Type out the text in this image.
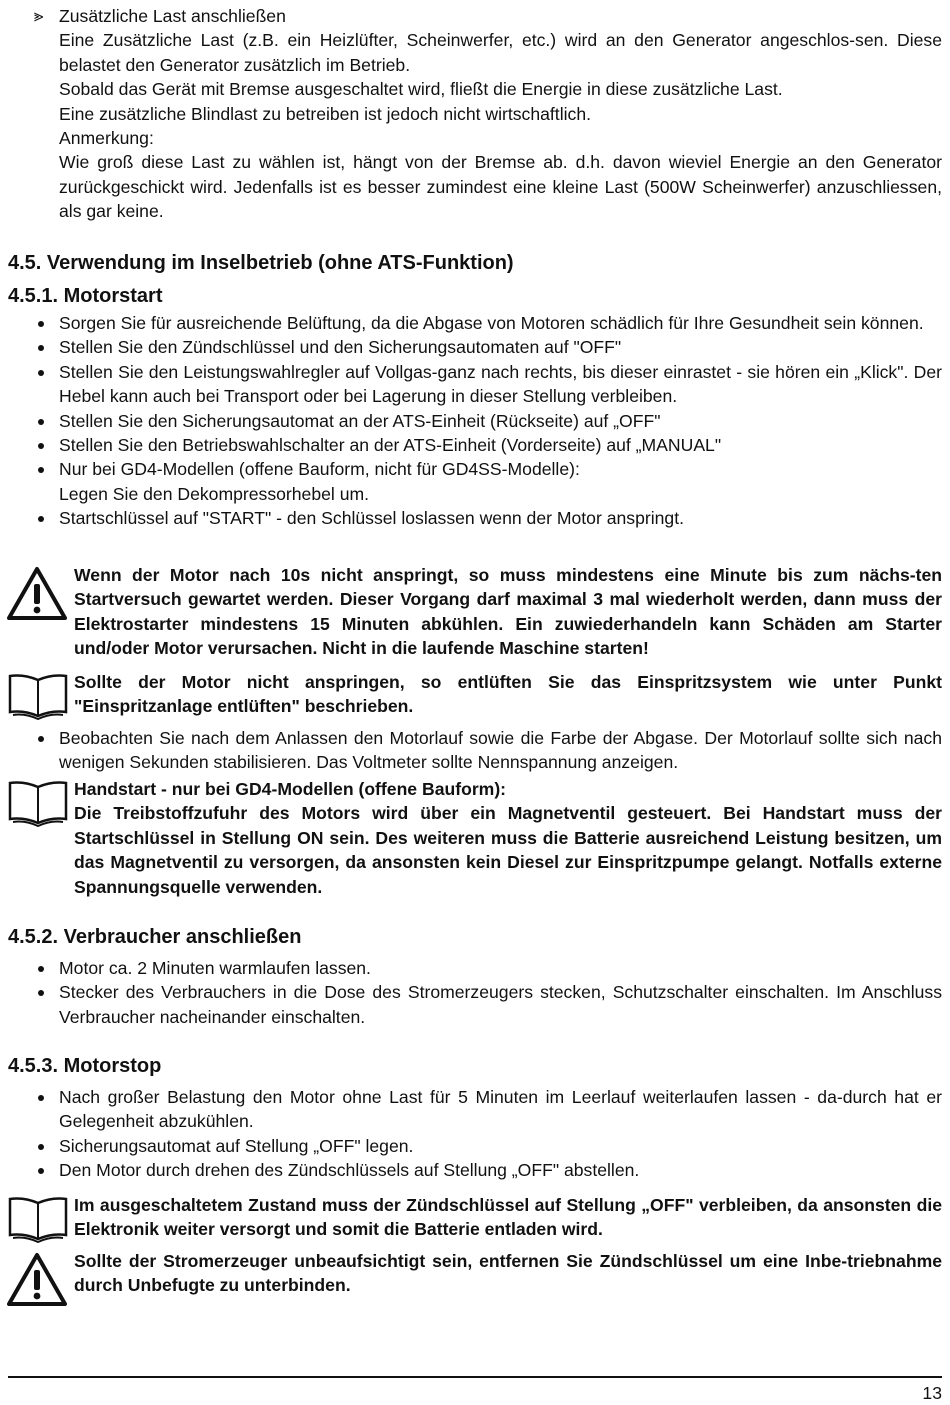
⪢ Zusätzliche Last anschließen
Eine Zusätzliche Last (z.B. ein Heizlüfter, Scheinwerfer, etc.) wird an den Generator angeschlos-sen. Diese belastet den Generator zusätzlich im Betrieb.
Sobald das Gerät mit Bremse ausgeschaltet wird, fließt die Energie in diese zusätzliche Last.
Eine zusätzliche Blindlast zu betreiben ist jedoch nicht wirtschaftlich.
Anmerkung:
Wie groß diese Last zu wählen ist, hängt von der Bremse ab. d.h. davon wieviel Energie an den Generator zurückgeschickt wird. Jedenfalls ist es besser zumindest eine kleine Last (500W Scheinwerfer) anzuschliessen, als gar keine.
4.5. Verwendung im Inselbetrieb (ohne ATS-Funktion)
4.5.1. Motorstart
Sorgen Sie für ausreichende Belüftung, da die Abgase von Motoren schädlich für Ihre Gesundheit sein können.
Stellen Sie den Zündschlüssel und den Sicherungsautomaten auf "OFF"
Stellen Sie den Leistungswahlregler auf Vollgas-ganz nach rechts, bis dieser einrastet - sie hören ein „Klick". Der Hebel kann auch bei Transport oder bei Lagerung in dieser Stellung verbleiben.
Stellen Sie den Sicherungsautomat an der ATS-Einheit (Rückseite) auf „OFF"
Stellen Sie den Betriebswahlschalter an der ATS-Einheit (Vorderseite) auf „MANUAL"
Nur bei GD4-Modellen (offene Bauform, nicht für GD4SS-Modelle):
Legen Sie den Dekompressorhebel um.
Startschlüssel auf "START" - den Schlüssel loslassen wenn der Motor anspringt.
Wenn der Motor nach 10s nicht anspringt, so muss mindestens eine Minute bis zum nächs-ten Startversuch gewartet werden. Dieser Vorgang darf maximal 3 mal wiederholt werden, dann muss der Elektrostarter mindestens 15 Minuten abkühlen. Ein zuwiederhandeln kann Schäden am Starter und/oder Motor verursachen. Nicht in die laufende Maschine starten!
Sollte der Motor nicht anspringen, so entlüften Sie das Einspritzsystem wie unter Punkt "Einspritzanlage entlüften" beschrieben.
Beobachten Sie nach dem Anlassen den Motorlauf sowie die Farbe der Abgase. Der Motorlauf sollte sich nach wenigen Sekunden stabilisieren. Das Voltmeter sollte Nennspannung anzeigen.
Handstart - nur bei GD4-Modellen (offene Bauform):
Die Treibstoffzufuhr des Motors wird über ein Magnetventil gesteuert. Bei Handstart muss der Startschlüssel in Stellung ON sein. Des weiteren muss die Batterie ausreichend Leistung besitzen, um das Magnetventil zu versorgen, da ansonsten kein Diesel zur Einspritzpumpe gelangt. Notfalls externe Spannungsquelle verwenden.
4.5.2. Verbraucher anschließen
Motor ca. 2 Minuten warmlaufen lassen.
Stecker des Verbrauchers in die Dose des Stromerzeugers stecken, Schutzschalter einschalten. Im Anschluss Verbraucher nacheinander einschalten.
4.5.3. Motorstop
Nach großer Belastung den Motor ohne Last für 5 Minuten im Leerlauf weiterlaufen lassen - da-durch hat er Gelegenheit abzukühlen.
Sicherungsautomat auf Stellung „OFF" legen.
Den Motor durch drehen des Zündschlüssels auf Stellung „OFF" abstellen.
Im ausgeschaltetem Zustand muss der Zündschlüssel auf Stellung „OFF" verbleiben, da ansonsten die Elektronik weiter versorgt und somit die Batterie entladen wird.
Sollte der Stromerzeuger unbeaufsichtigt sein, entfernen Sie Zündschlüssel um eine Inbe-triebnahme durch Unbefugte zu unterbinden.
13
